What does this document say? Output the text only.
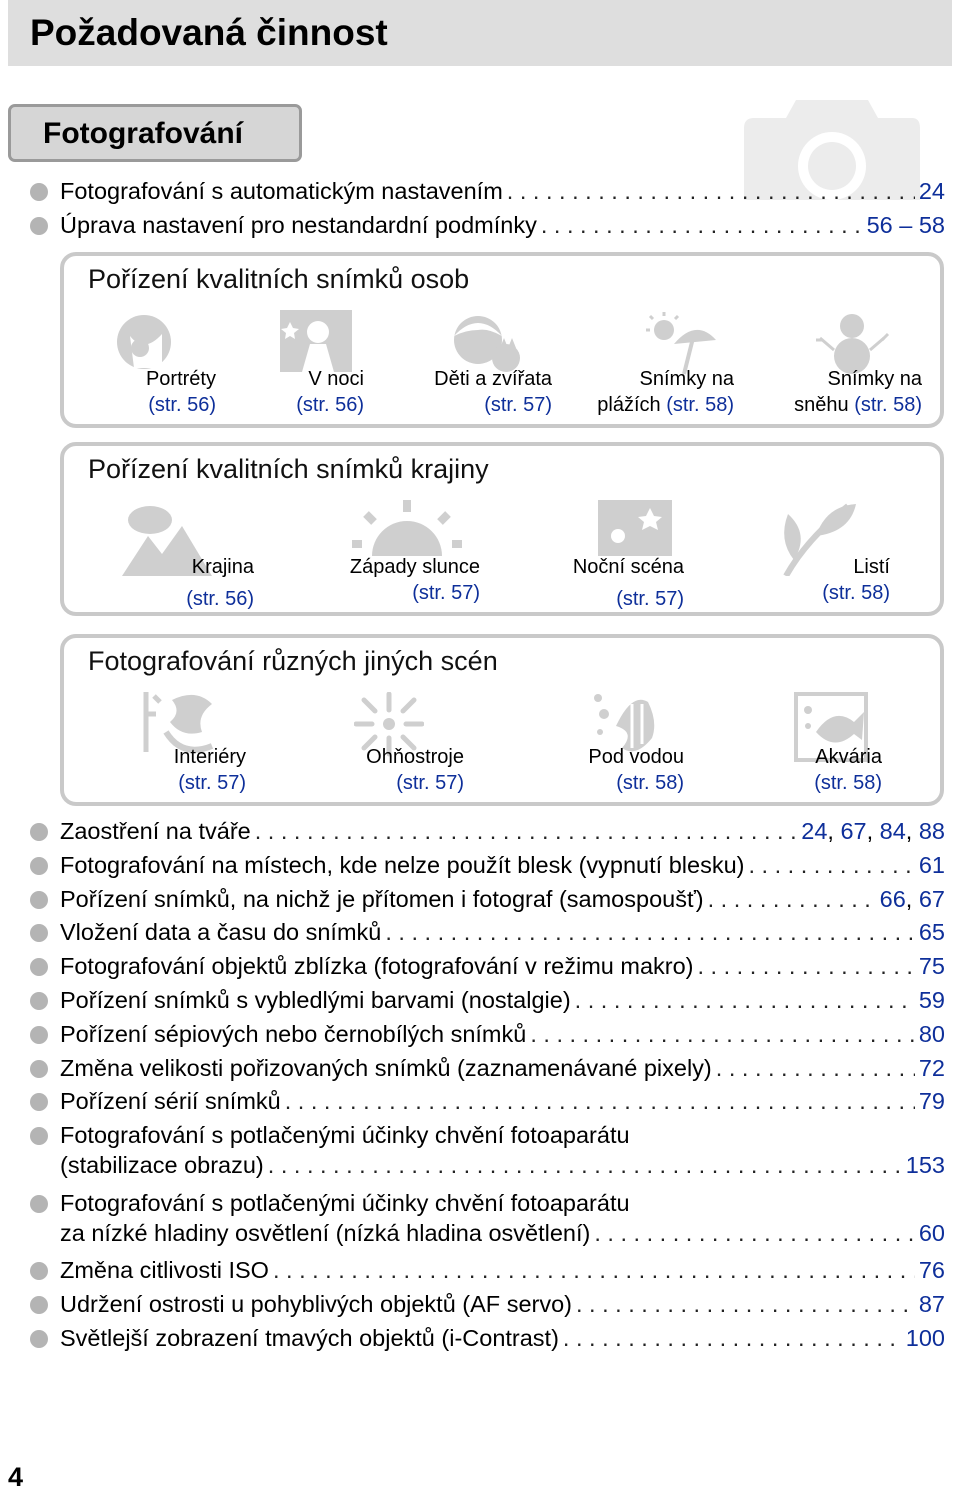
Požadovaná činnost
Fotografování
Fotografování s automatickým nastavením . . .	24
Úprava nastavení pro nestandardní podmínky . . .	56 – 58
Pořízení kvalitních snímků osob
Portréty
(str. 56)
V noci
(str. 56)
Děti a zvířata
(str. 57)
Snímky na
plážích (str. 58)
Snímky na
sněhu (str. 58)
Pořízení kvalitních snímků krajiny
Krajina
(str. 56)
Západy slunce
(str. 57)
Noční scéna
(str. 57)
Listí
(str. 58)
Fotografování různých jiných scén
Interiéry
(str. 57)
Ohňostroje
(str. 57)
Pod vodou
(str. 58)
Akvária
(str. 58)
Zaostření na tváře . . .	24, 67, 84, 88
Fotografování na místech, kde nelze použít blesk (vypnutí blesku) . . .	61
Pořízení snímků, na nichž je přítomen i fotograf (samospoušť) . . .	66, 67
Vložení data a času do snímků . . .	65
Fotografování objektů zblízka (fotografování v režimu makro) . . .	75
Pořízení snímků s vybledlými barvami (nostalgie) . . .	59
Pořízení sépiových nebo černobílých snímků . . .	80
Změna velikosti pořizovaných snímků (zaznamenávané pixely) . . .	72
Pořízení sérií snímků . . .	79
Fotografování s potlačenými účinky chvění fotoaparátu
(stabilizace obrazu) . . .	153
Fotografování s potlačenými účinky chvění fotoaparátu
za nízké hladiny osvětlení (nízká hladina osvětlení) . . .	60
Změna citlivosti ISO . . .	76
Udržení ostrosti u pohyblivých objektů (AF servo) . . .	87
Světlejší zobrazení tmavých objektů (i-Contrast) . . .	100
4
